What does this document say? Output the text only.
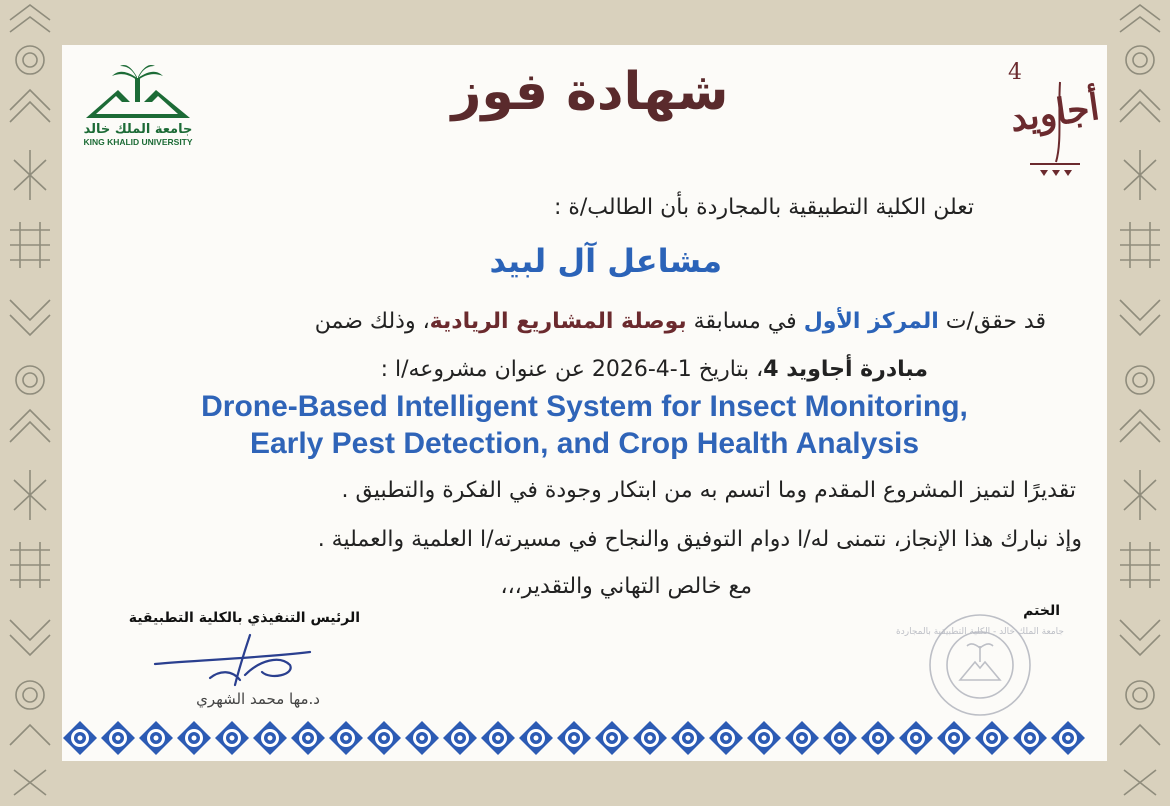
جامعة الملك خالد
KING KHALID UNIVERSITY
4
أجاويد
شهادة فوز
تعلن الكلية التطبيقية بالمجاردة بأن الطالب/ة :
مشاعل آل لبيد
قد حقق/ت المركز الأول في مسابقة بوصلة المشاريع الريادية، وذلك ضمن
مبادرة أجاويد 4، بتاريخ 1-4-2026 عن عنوان مشروعه/ا :
Drone-Based Intelligent System for Insect Monitoring,
Early Pest Detection, and Crop Health Analysis
تقديرًا لتميز المشروع المقدم وما اتسم به من ابتكار وجودة في الفكرة والتطبيق .
وإذ نبارك هذا الإنجاز، نتمنى له/ا دوام التوفيق والنجاح في مسيرته/ا العلمية والعملية .
مع خالص التهاني والتقدير،،،
الختم
جامعة الملك خالد - الكلية التطبيقية بالمجاردة
الرئيس التنفيذي بالكلية التطبيقية
د.مها محمد الشهري
